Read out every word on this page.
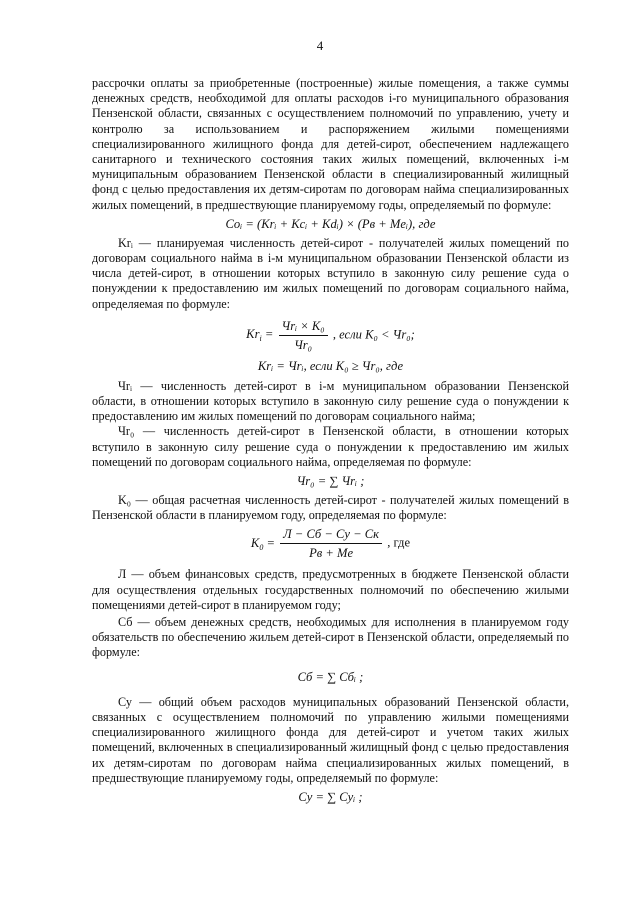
4

рассрочки оплаты за приобретенные (построенные) жилые помещения, а также суммы денежных средств, необходимой для оплаты расходов i-го муниципального образования Пензенской области, связанных с осуществлением полномочий по управлению, учету и контролю за использованием и распоряжением жилыми помещениями специализированного жилищного фонда для детей-сирот, обеспечением надлежащего санитарного и технического состояния таких жилых помещений, включенных i-м муниципальным образованием Пензенской области в специализированный жилищный фонд с целью предоставления их детям-сиротам по договорам найма специализированных жилых помещений, в предшествующие планируемому годы, определяемый по формуле:

Coᵢ = (Krᵢ + Kcᵢ + Kdᵢ) × (Pв + Meᵢ), где

Krᵢ — планируемая численность детей-сирот - получателей жилых помещений по договорам социального найма в i-м муниципальном образовании Пензенской области из числа детей-сирот, в отношении которых вступило в законную силу решение суда о понуждении к предоставлению им жилых помещений по договорам социального найма, определяемая по формуле:

$Kr_i = \frac{\text{Чrᵢ × K₀}}{\text{Чr₀}}$ , если K₀ < Чr₀;
Krᵢ = Чrᵢ, если K₀ ≥ Чr₀, где

Чrᵢ — численность детей-сирот в i-м муниципальном образовании Пензенской области, в отношении которых вступило в законную силу решение суда о понуждении к предоставлению им жилых помещений по договорам социального найма;

Чr₀ — численность детей-сирот в Пензенской области, в отношении которых вступило в законную силу решение суда о понуждении к предоставлению им жилых помещений по договорам социального найма, определяемая по формуле:

Чr₀ = ∑ Чrᵢ ;

K₀ — общая расчетная численность детей-сирот - получателей жилых помещений в Пензенской области в планируемом году, определяемая по формуле:

$K_0 = \frac{Л - Cб - Cу - Cк}{Pв + Me}$ , где

Л — объем финансовых средств, предусмотренных в бюджете Пензенской области для осуществления отдельных государственных полномочий по обеспечению жилыми помещениями детей-сирот в планируемом году;

Сб — объем денежных средств, необходимых для исполнения в планируемом году обязательств по обеспечению жильем детей-сирот в Пензенской области, определяемый по формуле:

Cб = ∑ Cбᵢ ;

Су — общий объем расходов муниципальных образований Пензенской области, связанных с осуществлением полномочий по управлению жилыми помещениями специализированного жилищного фонда для детей-сирот и учетом таких жилых помещений, включенных в специализированный жилищный фонд с целью предоставления их детям-сиротам по договорам найма специализированных жилых помещений, в предшествующие планируемому годы, определяемый по формуле:

Cу = ∑ Cуᵢ ;
